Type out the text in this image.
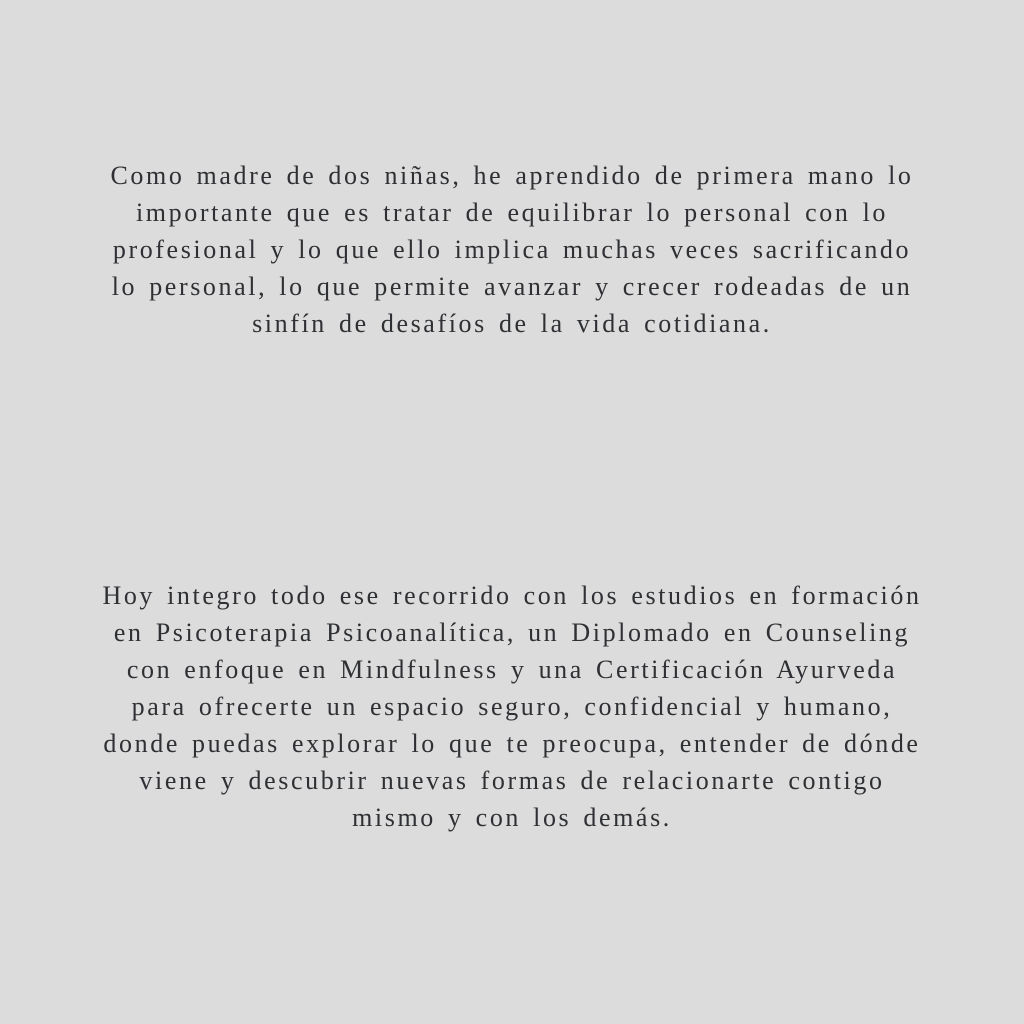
Como madre de dos niñas, he aprendido de primera mano lo importante que es tratar de equilibrar lo personal con lo profesional y lo que ello implica muchas veces sacrificando lo personal, lo que permite avanzar y crecer rodeadas de un sinfín de desafíos de la vida cotidiana.

Hoy integro todo ese recorrido con los estudios en formación en Psicoterapia Psicoanalítica, un Diplomado en Counseling con enfoque en Mindfulness y una Certificación Ayurveda para ofrecerte un espacio seguro, confidencial y humano, donde puedas explorar lo que te preocupa, entender de dónde viene y descubrir nuevas formas de relacionarte contigo mismo y con los demás.
